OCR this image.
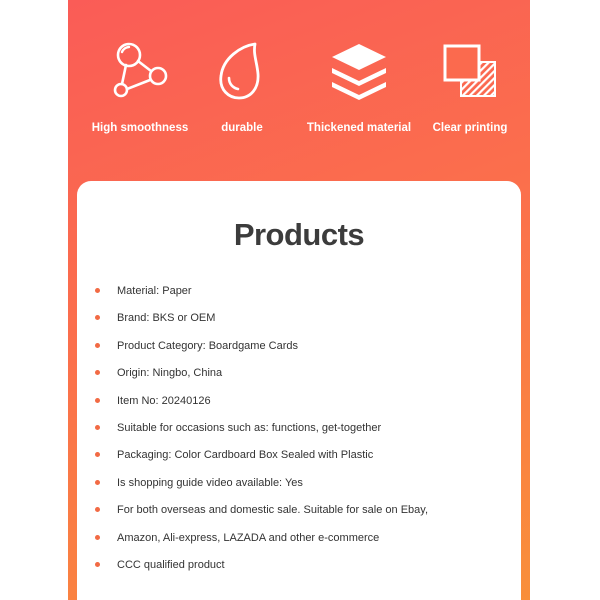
High smoothness	durable	Thickened material	Clear printing
Products
Material: Paper
Brand: BKS or OEM
Product Category: Boardgame Cards
Origin: Ningbo, China
Item No: 20240126
Suitable for occasions such as: functions, get-together
Packaging: Color Cardboard Box Sealed with Plastic
Is shopping guide video available: Yes
For both overseas and domestic sale. Suitable for sale on Ebay,
Amazon, Ali-express, LAZADA and other e-commerce
CCC qualified product
